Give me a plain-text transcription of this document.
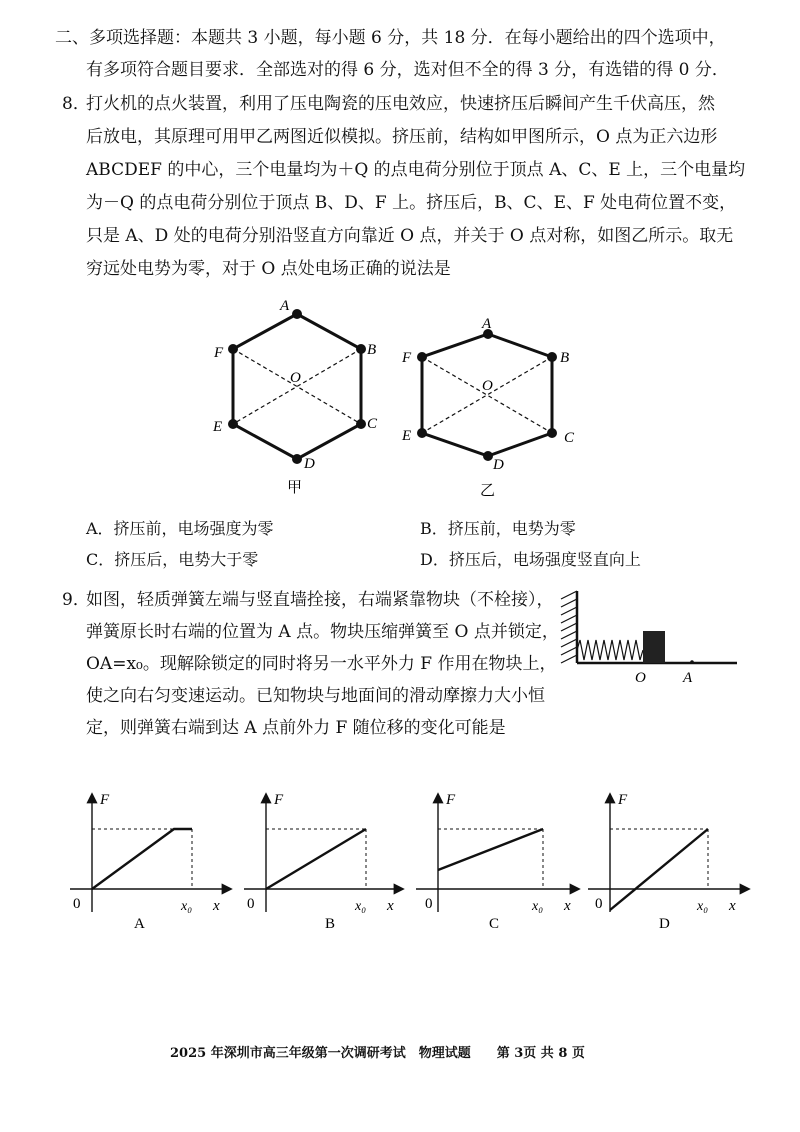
二、多项选择题：本题共 3 小题，每小题 6 分，共 18 分．在每小题给出的四个选项中，
有多项符合题目要求．全部选对的得 6 分，选对但不全的得 3 分，有选错的得 0 分．
8．
打火机的点火装置，利用了压电陶瓷的压电效应，快速挤压后瞬间产生千伏高压，然
后放电，其原理可用甲乙两图近似模拟。挤压前，结构如甲图所示，O 点为正六边形
ABCDEF 的中心，三个电量均为＋Q 的点电荷分别位于顶点 A、C、E 上，三个电量均
为－Q 的点电荷分别位于顶点 B、D、F 上。挤压后，B、C、E、F 处电荷位置不变，
只是 A、D 处的电荷分别沿竖直方向靠近 O 点，并关于 O 点对称，如图乙所示。取无
穷远处电势为零，对于 O 点处电场正确的说法是
A
B
C
D
E
F
O
甲
A
B
C
D
E
F
O
乙
A．挤压前，电场强度为零	B．挤压前，电势为零
C．挤压后，电势大于零	D．挤压后，电场强度竖直向上
9．
如图，轻质弹簧左端与竖直墙拴接，右端紧靠物块（不栓接），
弹簧原长时右端的位置为 A 点。物块压缩弹簧至 O 点并锁定，
OA=x₀。现解除锁定的同时将另一水平外力 F 作用在物块上，
使之向右匀变速运动。已知物块与地面间的滑动摩擦力大小恒
定，则弹簧右端到达 A 点前外力 F 随位移的变化可能是
O A
F
0	x₀ x
A
F
0	x₀ x
B
F
0	x₀ x
C
F
0	x₀ x
D
2025 年深圳市高三年级第一次调研考试　物理试题　　第 3页 共 8 页
